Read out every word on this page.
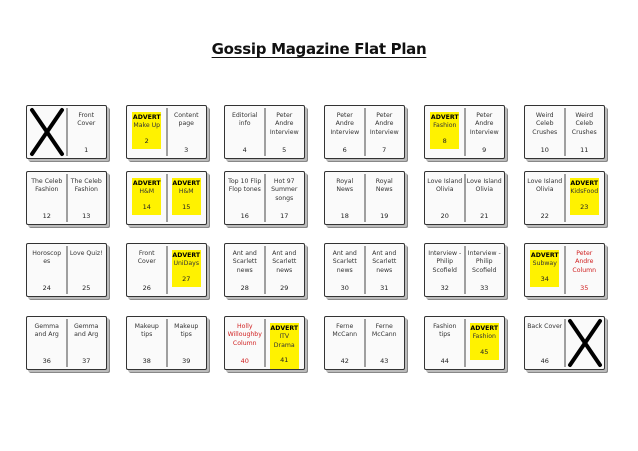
Gossip Magazine Flat Plan
Front Cover
1
ADVERT
Make Up
2
Content page
3
Editorial info
4
Peter Andre Interview
5
Peter Andre Interview
6
Peter Andre Interview
7
ADVERT
Fashion
8
Peter Andre Interview
9
Weird Celeb Crushes
10
Weird Celeb Crushes
11
The Celeb Fashion
12
The Celeb Fashion
13
ADVERT
H&M
14
ADVERT
H&M
15
Top 10 Flip Flop tones
16
Hot 97 Summer songs
17
Royal News
18
Royal News
19
Love Island Olivia
20
Love Island Olivia
21
Love Island Olivia
22
ADVERT
KidsFood
23
Horoscop es
24
Love Quiz!
25
Front Cover
26
ADVERT
UniDays
27
Ant and Scarlett news
28
Ant and Scarlett news
29
Ant and Scarlett news
30
Ant and Scarlett news
31
Interview - Philip Scofield
32
Interview - Philip Scofield
33
ADVERT
Subway
34
Peter Andre Column
35
Gemma and Arg
36
Gemma and Arg
37
Makeup tips
38
Makeup tips
39
Holly Willoughby Column
40
ADVERT
ITV Drama
41
Ferne McCann
42
Ferne McCann
43
Fashion tips
44
ADVERT
Fashion
45
Back Cover
46
